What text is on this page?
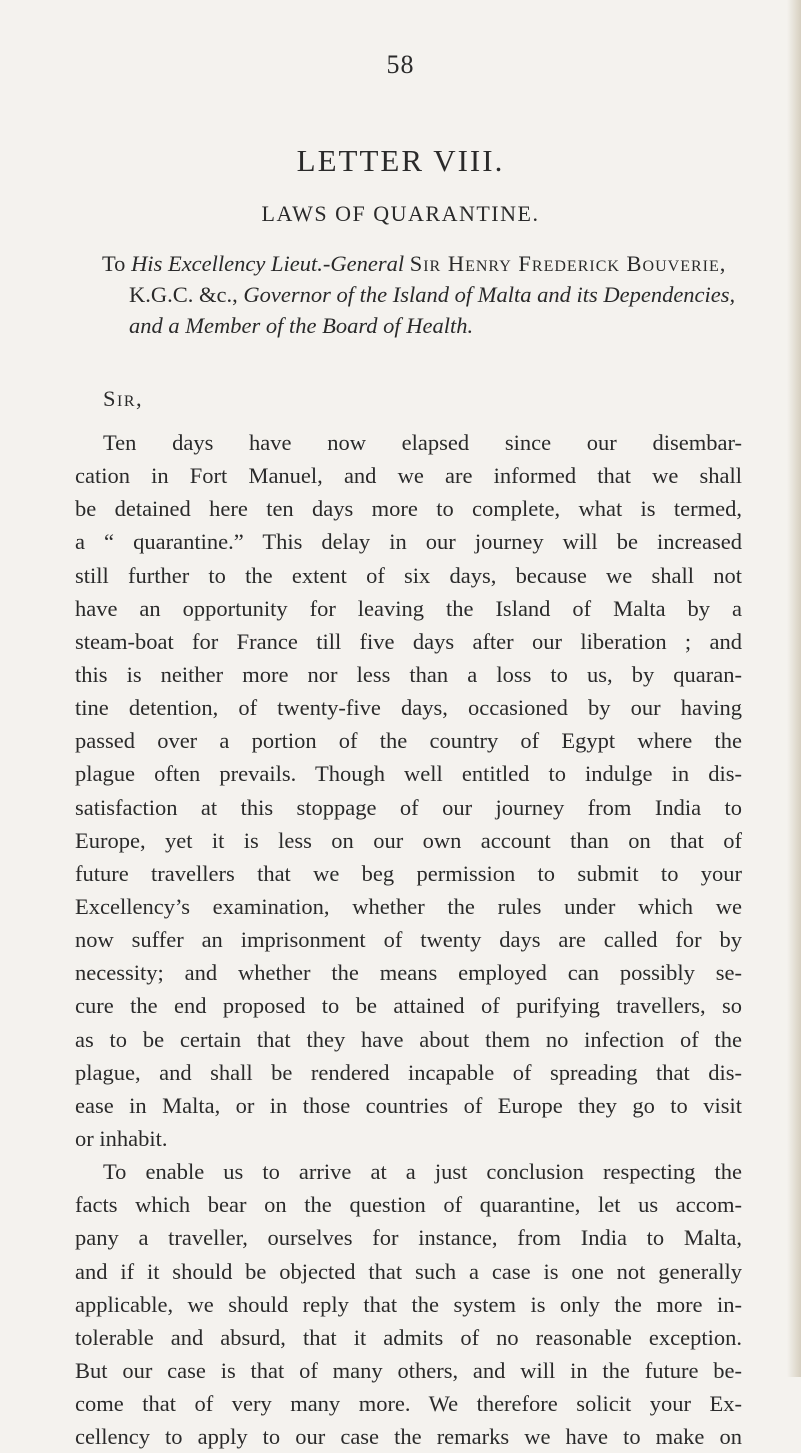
58
LETTER VIII.
LAWS OF QUARANTINE.
To His Excellency Lieut.-General Sir Henry Frederick Bouverie, K.G.C. &c., Governor of the Island of Malta and its Dependencies, and a Member of the Board of Health.
Sir,
Ten days have now elapsed since our disembar-
cation in Fort Manuel, and we are informed that we shall
be detained here ten days more to complete, what is termed,
a “ quarantine.” This delay in our journey will be increased
still further to the extent of six days, because we shall not
have an opportunity for leaving the Island of Malta by a
steam-boat for France till five days after our liberation ; and
this is neither more nor less than a loss to us, by quaran-
tine detention, of twenty-five days, occasioned by our having
passed over a portion of the country of Egypt where the
plague often prevails. Though well entitled to indulge in dis-
satisfaction at this stoppage of our journey from India to
Europe, yet it is less on our own account than on that of
future travellers that we beg permission to submit to your
Excellency’s examination, whether the rules under which we
now suffer an imprisonment of twenty days are called for by
necessity; and whether the means employed can possibly se-
cure the end proposed to be attained of purifying travellers, so
as to be certain that they have about them no infection of the
plague, and shall be rendered incapable of spreading that dis-
ease in Malta, or in those countries of Europe they go to visit
or inhabit.
To enable us to arrive at a just conclusion respecting the
facts which bear on the question of quarantine, let us accom-
pany a traveller, ourselves for instance, from India to Malta,
and if it should be objected that such a case is one not generally
applicable, we should reply that the system is only the more in-
tolerable and absurd, that it admits of no reasonable exception.
But our case is that of many others, and will in the future be-
come that of very many more. We therefore solicit your Ex-
cellency to apply to our case the remarks we have to make on
